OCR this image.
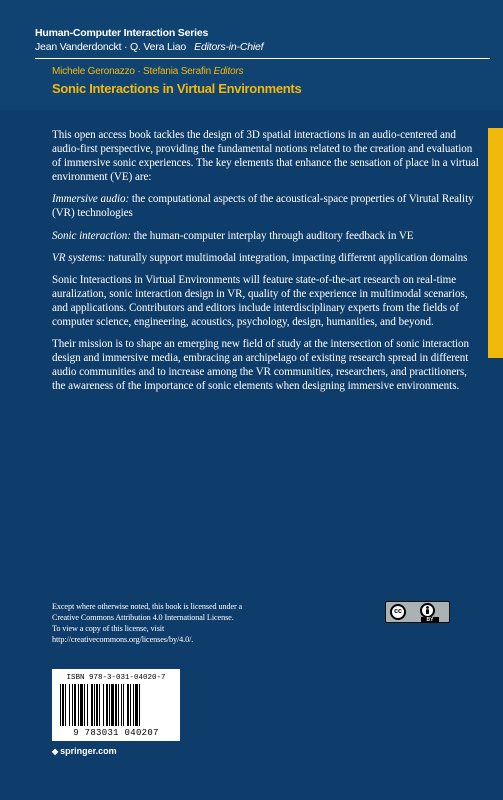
Human-Computer Interaction Series
Jean Vanderdonckt · Q. Vera Liao Editors-in-Chief
Michele Geronazzo · Stefania Serafin Editors
Sonic Interactions in Virtual Environments

This open access book tackles the design of 3D spatial interactions in an audio-centered and audio-first perspective, providing the fundamental notions related to the creation and evaluation of immersive sonic experiences. The key elements that enhance the sensation of place in a virtual environment (VE) are:

Immersive audio: the computational aspects of the acoustical-space properties of Virutal Reality (VR) technologies

Sonic interaction: the human-computer interplay through auditory feedback in VE

VR systems: naturally support multimodal integration, impacting different application domains

Sonic Interactions in Virtual Environments will feature state-of-the-art research on real-time auralization, sonic interaction design in VR, quality of the experience in multimodal scenarios, and applications. Contributors and editors include interdisciplinary experts from the fields of computer science, engineering, acoustics, psychology, design, humanities, and beyond.

Their mission is to shape an emerging new field of study at the intersection of sonic interaction design and immersive media, embracing an archipelago of existing research spread in different audio communities and to increase among the VR communities, researchers, and practitioners, the awareness of the importance of sonic elements when designing immersive environments.

Except where otherwise noted, this book is licensed under a
Creative Commons Attribution 4.0 International License.
To view a copy of this license, visit
http://creativecommons.org/licenses/by/4.0/.
cc
BY
ISBN 978-3-031-04020-7
9 783031 040207
◆ springer.com
